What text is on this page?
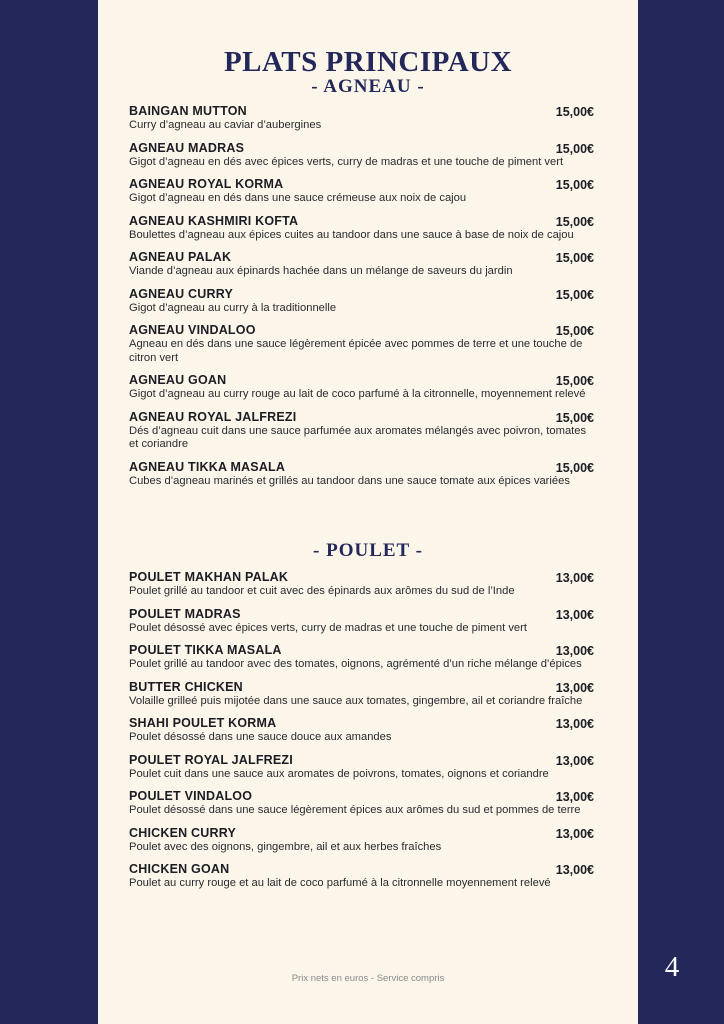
PLATS PRINCIPAUX
- AGNEAU -
BAINGAN MUTTON	15,00€
Curry d’agneau au caviar d’aubergines
AGNEAU MADRAS	15,00€
Gigot d’agneau en dés avec épices verts, curry de madras et une touche de piment vert
AGNEAU ROYAL KORMA	15,00€
Gigot d’agneau en dés dans une sauce crémeuse aux noix de cajou
AGNEAU KASHMIRI KOFTA	15,00€
Boulettes d’agneau aux épices cuites au tandoor dans une sauce à base de noix de cajou
AGNEAU PALAK	15,00€
Viande d’agneau aux épinards hachée dans un mélange de saveurs du jardin
AGNEAU CURRY	15,00€
Gigot d’agneau au curry à la traditionnelle
AGNEAU VINDALOO	15,00€
Agneau en dés dans une sauce légèrement épicée avec pommes de terre et une touche de citron vert
AGNEAU GOAN	15,00€
Gigot d’agneau au curry rouge au lait de coco parfumé à la citronnelle, moyennement relevé
AGNEAU ROYAL JALFREZI	15,00€
Dés d’agneau cuit dans une sauce parfumée aux aromates mélangés avec poivron, tomates et coriandre
AGNEAU TIKKA MASALA	15,00€
Cubes d’agneau marinés et grillés au tandoor dans une sauce tomate aux épices variées
- POULET -
POULET MAKHAN PALAK	13,00€
Poulet grillé au tandoor et cuit avec des épinards aux arômes du sud de l’Inde
POULET MADRAS	13,00€
Poulet désossé avec épices verts, curry de madras et une touche de piment vert
POULET TIKKA MASALA	13,00€
Poulet grillé au tandoor avec des tomates, oignons, agrémenté d’un riche mélange d’épices
BUTTER CHICKEN	13,00€
Volaille grilleé puis mijotée dans une sauce aux tomates, gingembre, ail et coriandre fraîche
SHAHI POULET KORMA	13,00€
Poulet désossé dans une sauce douce aux amandes
POULET ROYAL JALFREZI	13,00€
Poulet cuit dans une sauce aux aromates de poivrons, tomates, oignons et coriandre
POULET VINDALOO	13,00€
Poulet désossé dans une sauce légèrement épices aux arômes du sud et pommes de terre
CHICKEN CURRY	13,00€
Poulet avec des oignons, gingembre, ail et aux herbes fraîches
CHICKEN GOAN	13,00€
Poulet au curry rouge et au lait de coco parfumé à la citronnelle moyennement relevé
Prix nets en euros - Service compris	4
